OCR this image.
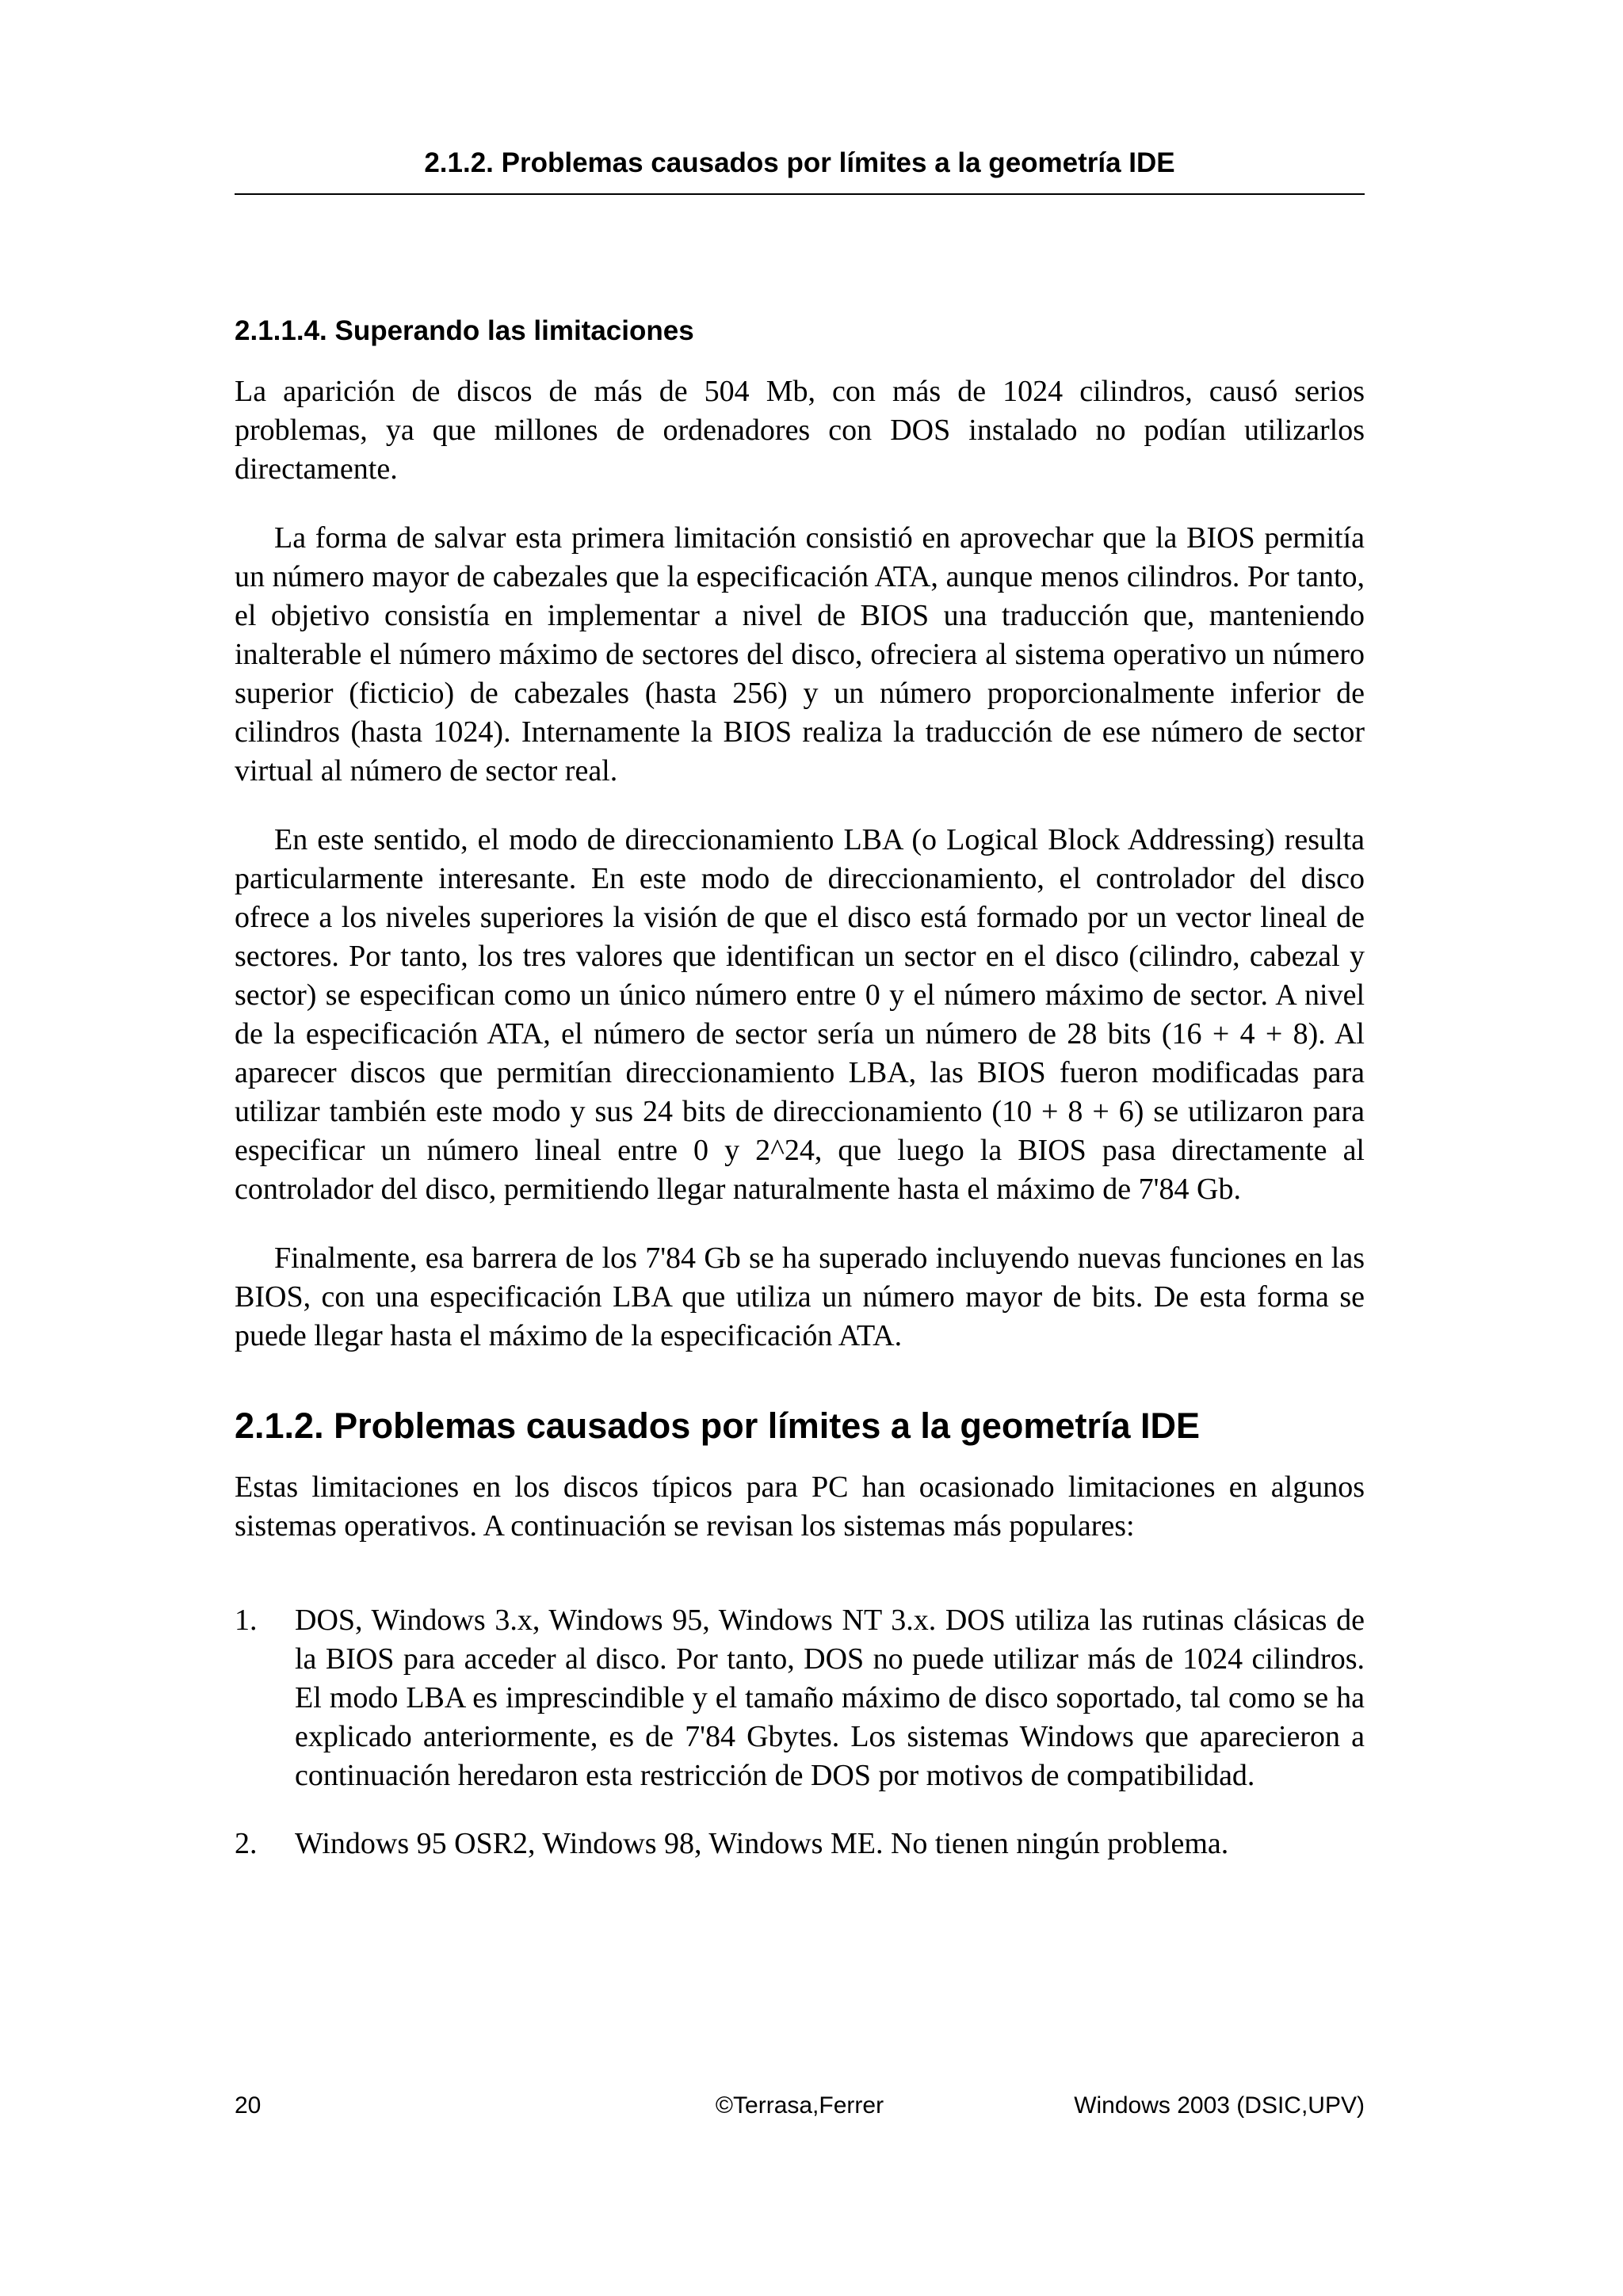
2.1.2. Problemas causados por límites a la geometría IDE
2.1.1.4. Superando las limitaciones

La aparición de discos de más de 504 Mb, con más de 1024 cilindros, causó serios problemas, ya que millones de ordenadores con DOS instalado no podían utilizarlos directamente.

La forma de salvar esta primera limitación consistió en aprovechar que la BIOS permitía un número mayor de cabezales que la especificación ATA, aunque menos cilindros. Por tanto, el objetivo consistía en implementar a nivel de BIOS una traducción que, manteniendo inalterable el número máximo de sectores del disco, ofreciera al sistema operativo un número superior (ficticio) de cabezales (hasta 256) y un número proporcionalmente inferior de cilindros (hasta 1024). Internamente la BIOS realiza la traducción de ese número de sector virtual al número de sector real.

En este sentido, el modo de direccionamiento LBA (o Logical Block Addressing) resulta particularmente interesante. En este modo de direccionamiento, el controlador del disco ofrece a los niveles superiores la visión de que el disco está formado por un vector lineal de sectores. Por tanto, los tres valores que identifican un sector en el disco (cilindro, cabezal y sector) se especifican como un único número entre 0 y el número máximo de sector. A nivel de la especificación ATA, el número de sector sería un número de 28 bits (16 + 4 + 8). Al aparecer discos que permitían direccionamiento LBA, las BIOS fueron modificadas para utilizar también este modo y sus 24 bits de direccionamiento (10 + 8 + 6) se utilizaron para especificar un número lineal entre 0 y 2^24, que luego la BIOS pasa directamente al controlador del disco, permitiendo llegar naturalmente hasta el máximo de 7'84 Gb.

Finalmente, esa barrera de los 7'84 Gb se ha superado incluyendo nuevas funciones en las BIOS, con una especificación LBA que utiliza un número mayor de bits. De esta forma se puede llegar hasta el máximo de la especificación ATA.

2.1.2. Problemas causados por límites a la geometría IDE

Estas limitaciones en los discos típicos para PC han ocasionado limitaciones en algunos sistemas operativos. A continuación se revisan los sistemas más populares:

1. DOS, Windows 3.x, Windows 95, Windows NT 3.x. DOS utiliza las rutinas clásicas de la BIOS para acceder al disco. Por tanto, DOS no puede utilizar más de 1024 cilindros. El modo LBA es imprescindible y el tamaño máximo de disco soportado, tal como se ha explicado anteriormente, es de 7'84 Gbytes. Los sistemas Windows que aparecieron a continuación heredaron esta restricción de DOS por motivos de compatibilidad.

2. Windows 95 OSR2, Windows 98, Windows ME. No tienen ningún problema.

20	©Terrasa,Ferrer	Windows 2003 (DSIC,UPV)
